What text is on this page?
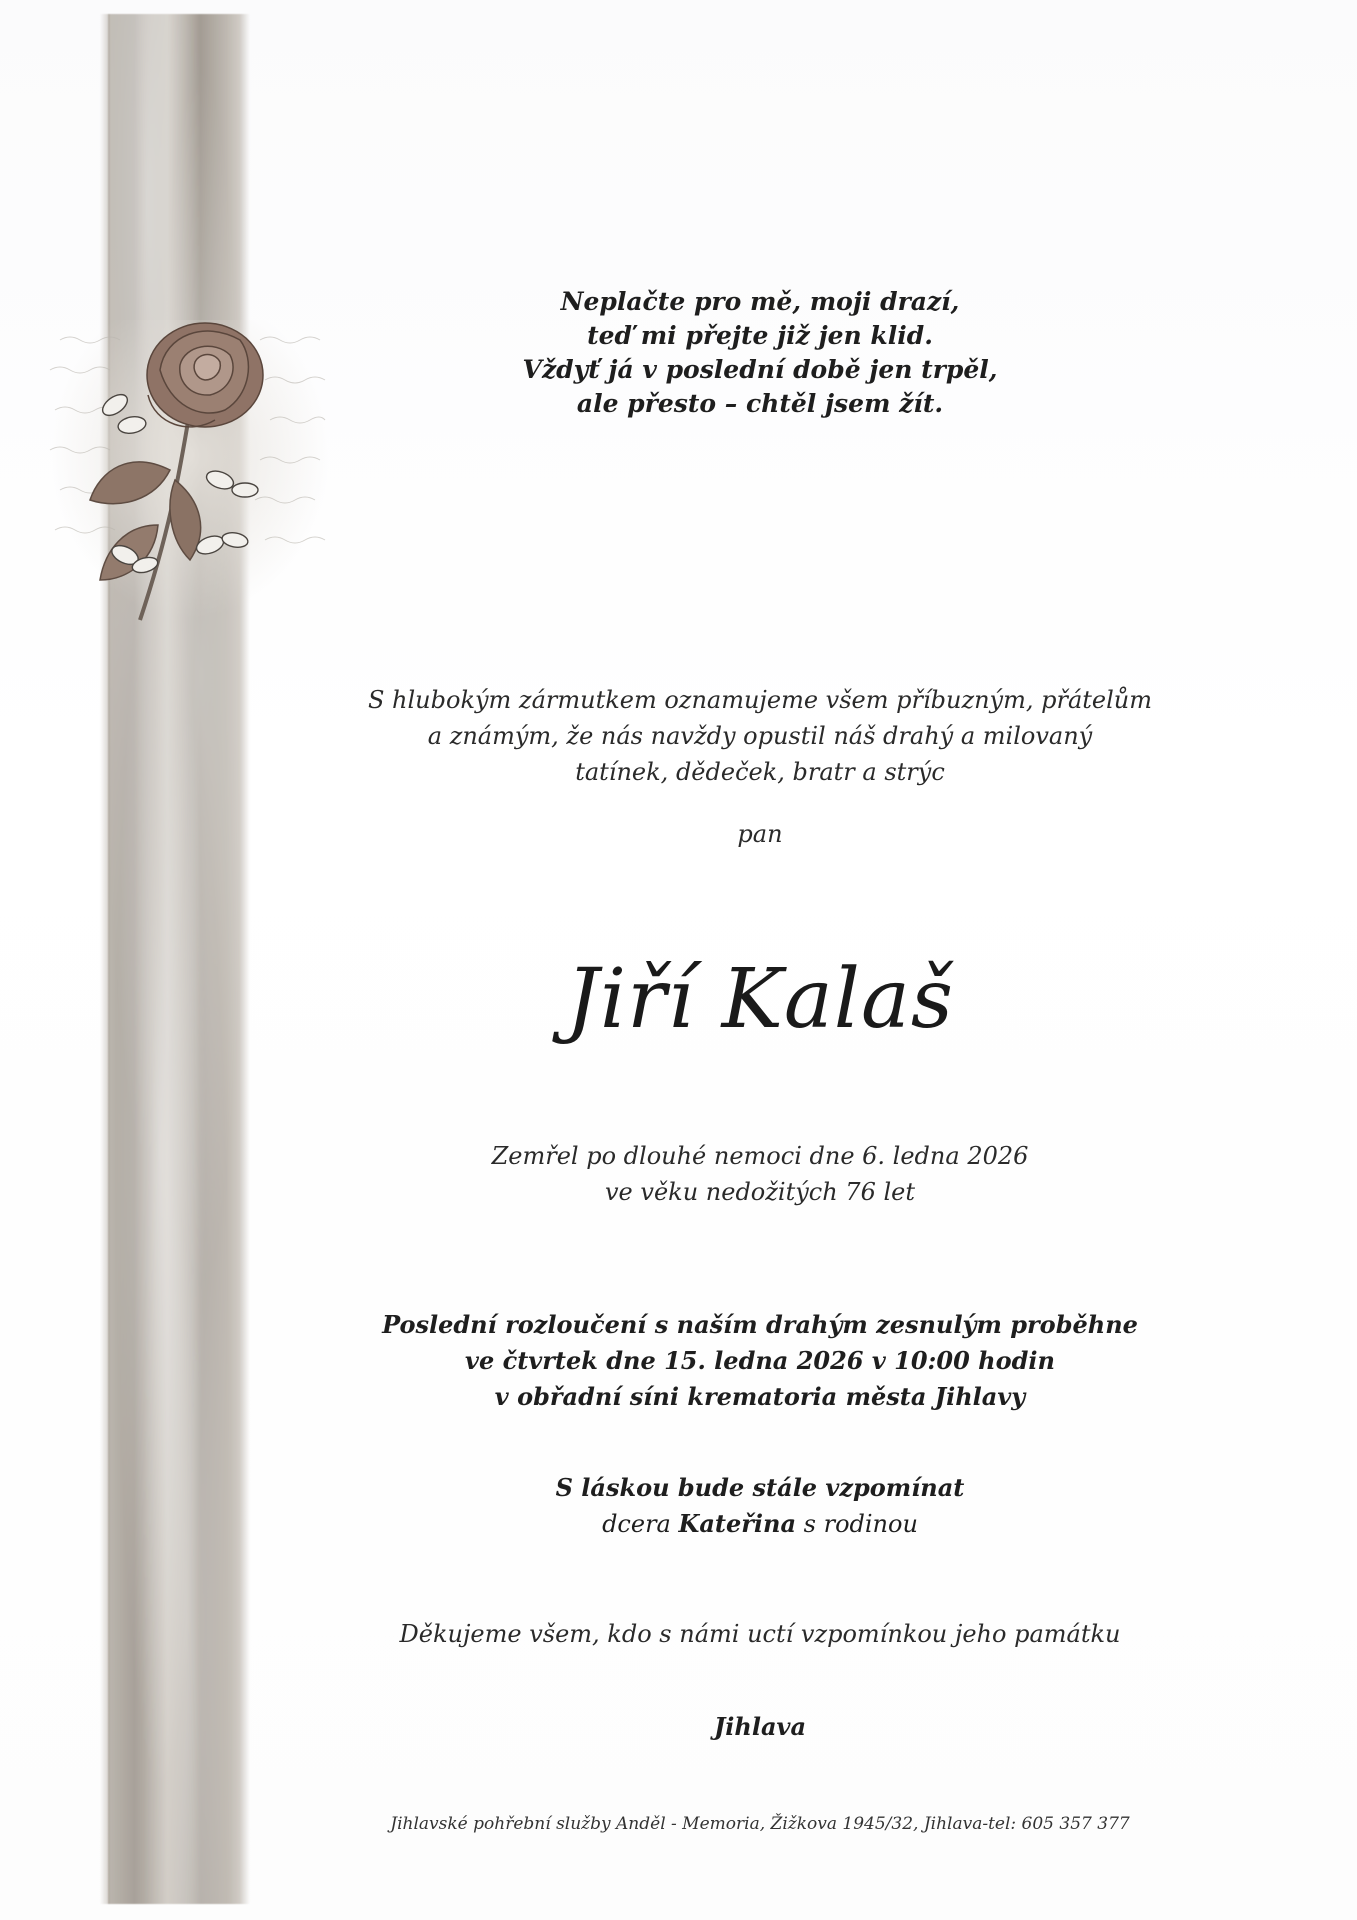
Neplačte pro mě, moji drazí,
teď mi přejte již jen klid.
Vždyť já v poslední době jen trpěl,
ale přesto – chtěl jsem žít.
S hlubokým zármutkem oznamujeme všem příbuzným, přátelům
a známým, že nás navždy opustil náš drahý a milovaný
tatínek, dědeček, bratr a strýc
pan
Jiří Kalaš
Zemřel po dlouhé nemoci dne 6. ledna 2026
ve věku nedožitých 76 let
Poslední rozloučení s naším drahým zesnulým proběhne
ve čtvrtek dne 15. ledna 2026 v 10:00 hodin
v obřadní síni krematoria města Jihlavy
S láskou bude stále vzpomínat
dcera Kateřina s rodinou
Děkujeme všem, kdo s námi uctí vzpomínkou jeho památku
Jihlava
Jihlavské pohřební služby Anděl - Memoria, Žižkova 1945/32, Jihlava-tel: 605 357 377
